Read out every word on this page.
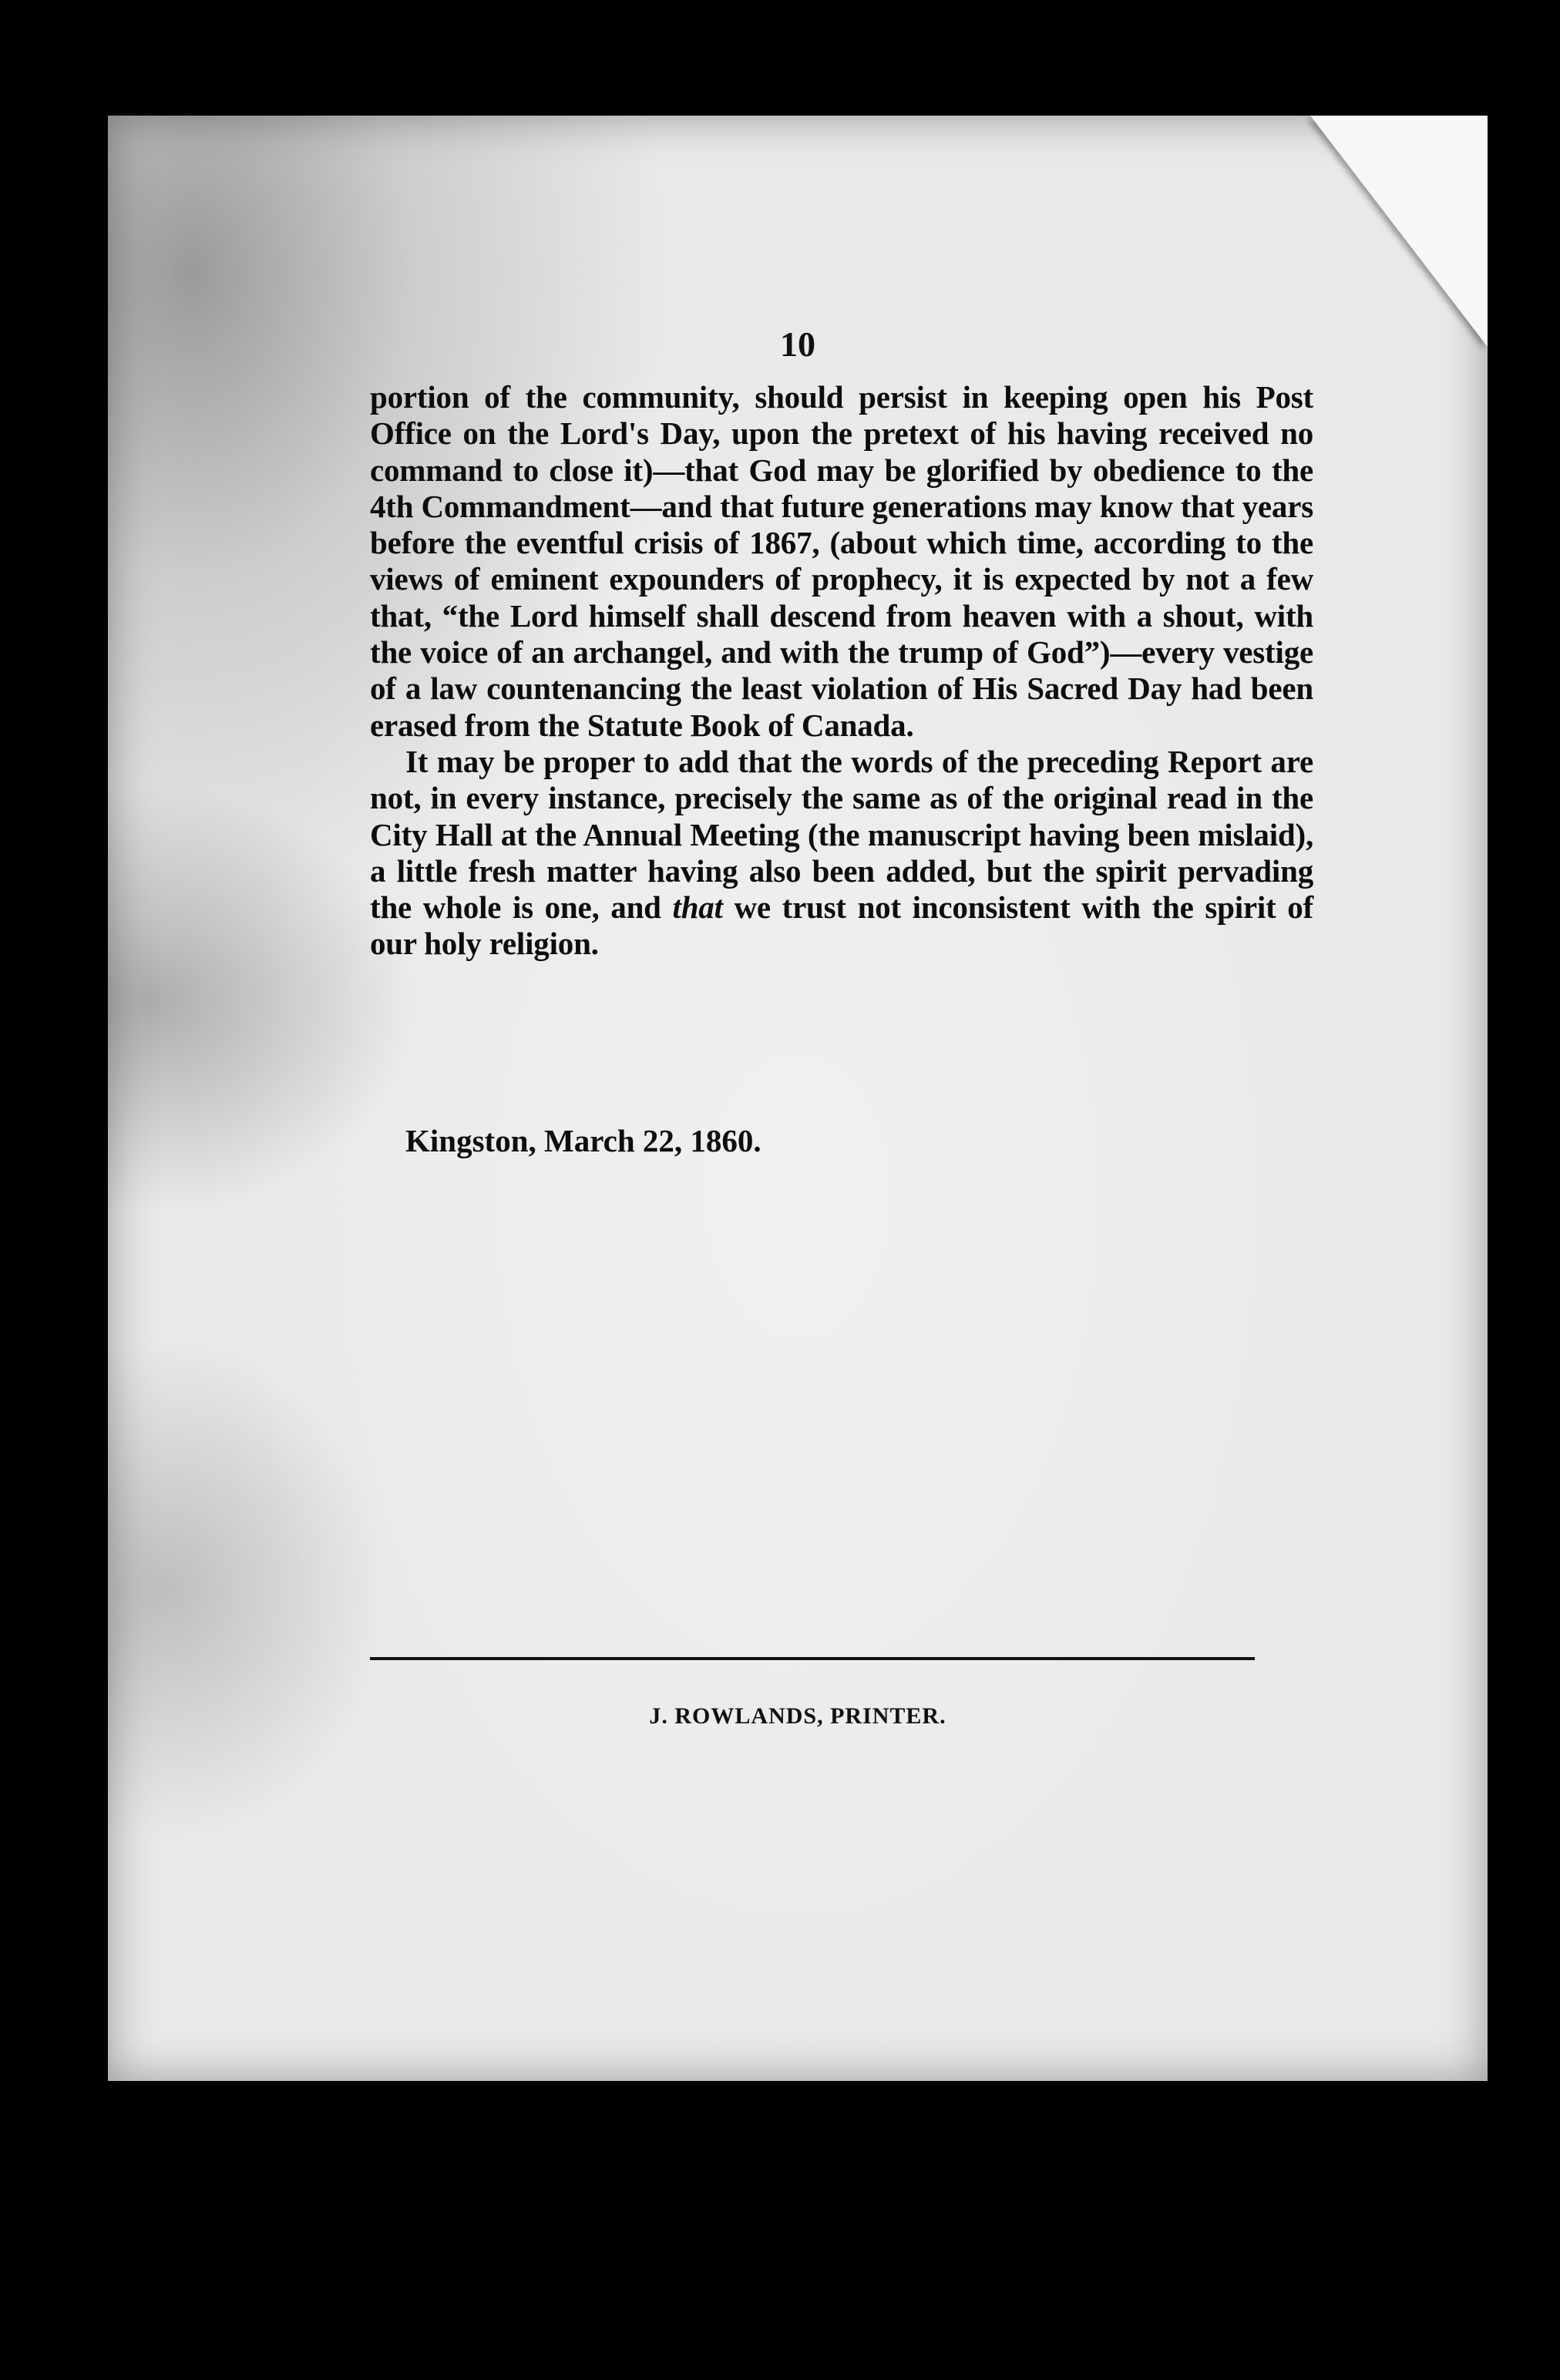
10

portion of the community, should persist in keeping open his Post Office on the Lord's Day, upon the pretext of his having received no command to close it)—that God may be glorified by obedience to the 4th Commandment—and that future generations may know that years before the eventful crisis of 1867, (about which time, according to the views of eminent expounders of prophecy, it is expected by not a few that, “the Lord himself shall descend from heaven with a shout, with the voice of an archangel, and with the trump of God”)—every vestige of a law countenancing the least violation of His Sacred Day had been erased from the Statute Book of Canada.

It may be proper to add that the words of the preceding Report are not, in every instance, precisely the same as of the original read in the City Hall at the Annual Meeting (the manuscript having been mislaid), a little fresh matter having also been added, but the spirit pervading the whole is one, and that we trust not inconsistent with the spirit of our holy religion.

Kingston, March 22, 1860.
J. ROWLANDS, PRINTER.
